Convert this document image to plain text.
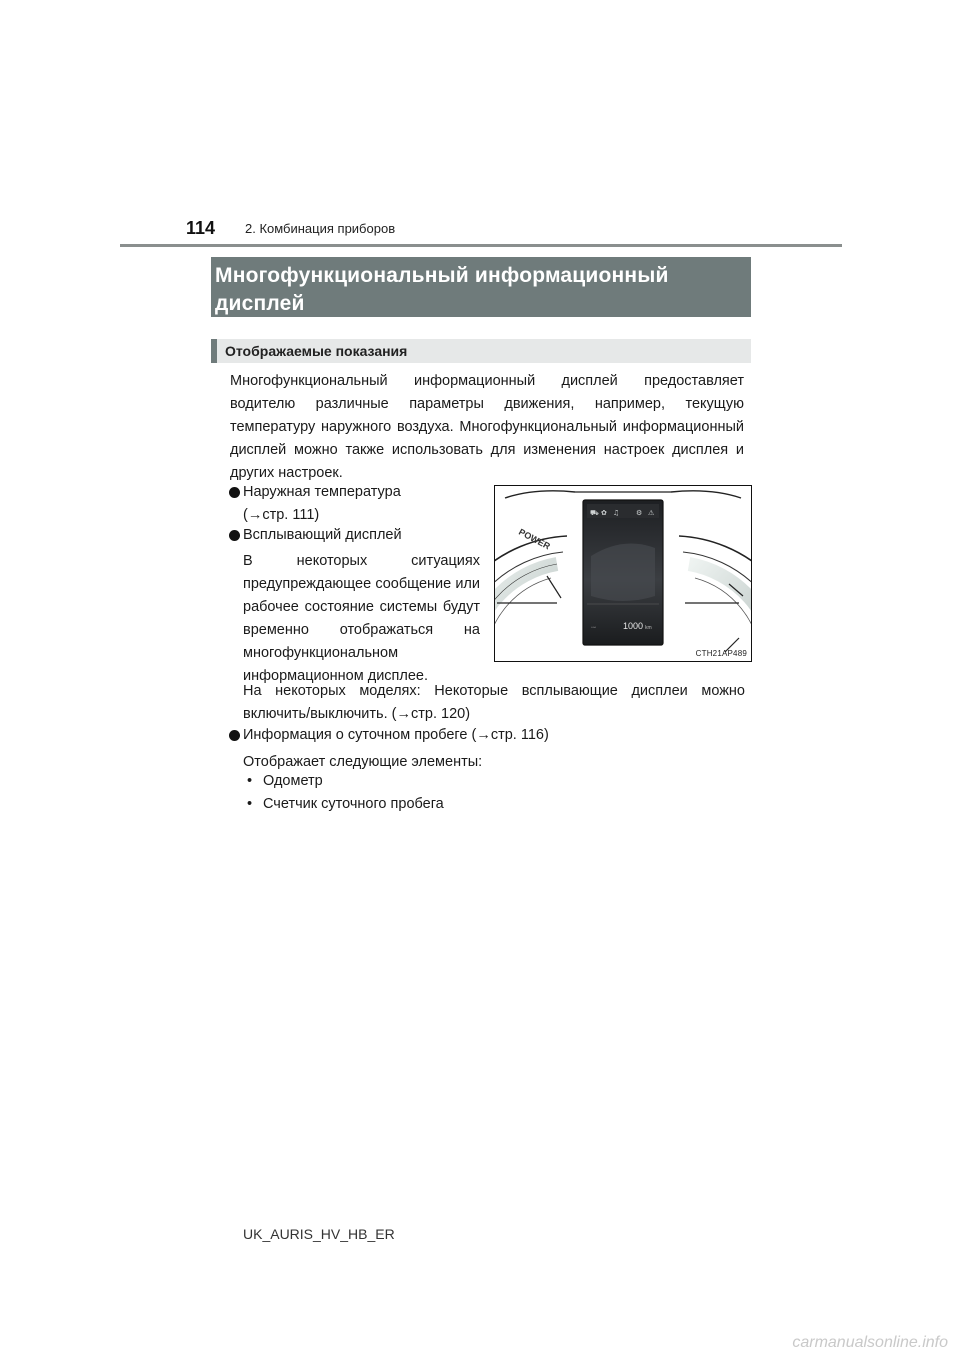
114 2. Комбинация приборов
Многофункциональный информационный дисплей
Отображаемые показания
Многофункциональный информационный дисплей предоставляет водителю различные параметры движения, например, текущую температуру наружного воздуха. Многофункциональный информационный дисплей можно также использовать для изменения настроек дисплея и других настроек.
Наружная температура
(→стр. 111)
Всплывающий дисплей
В некоторых ситуациях предупреждающее сообщение или рабочее состояние системы будут временно отображаться на многофункциональном информационном дисплее.
На некоторых моделях: Некоторые всплывающие дисплеи можно включить/выключить. (→стр. 120)
Информация о суточном пробеге (→стр. 116)
Отображает следующие элементы:
• Одометр
• Счетчик суточного пробега
POWER
⛟ ✿ ♫ ⚙ ⚠
1000 km
▫▫▫
CTH21AP489
UK_AURIS_HV_HB_ER
carmanualsonline.info
